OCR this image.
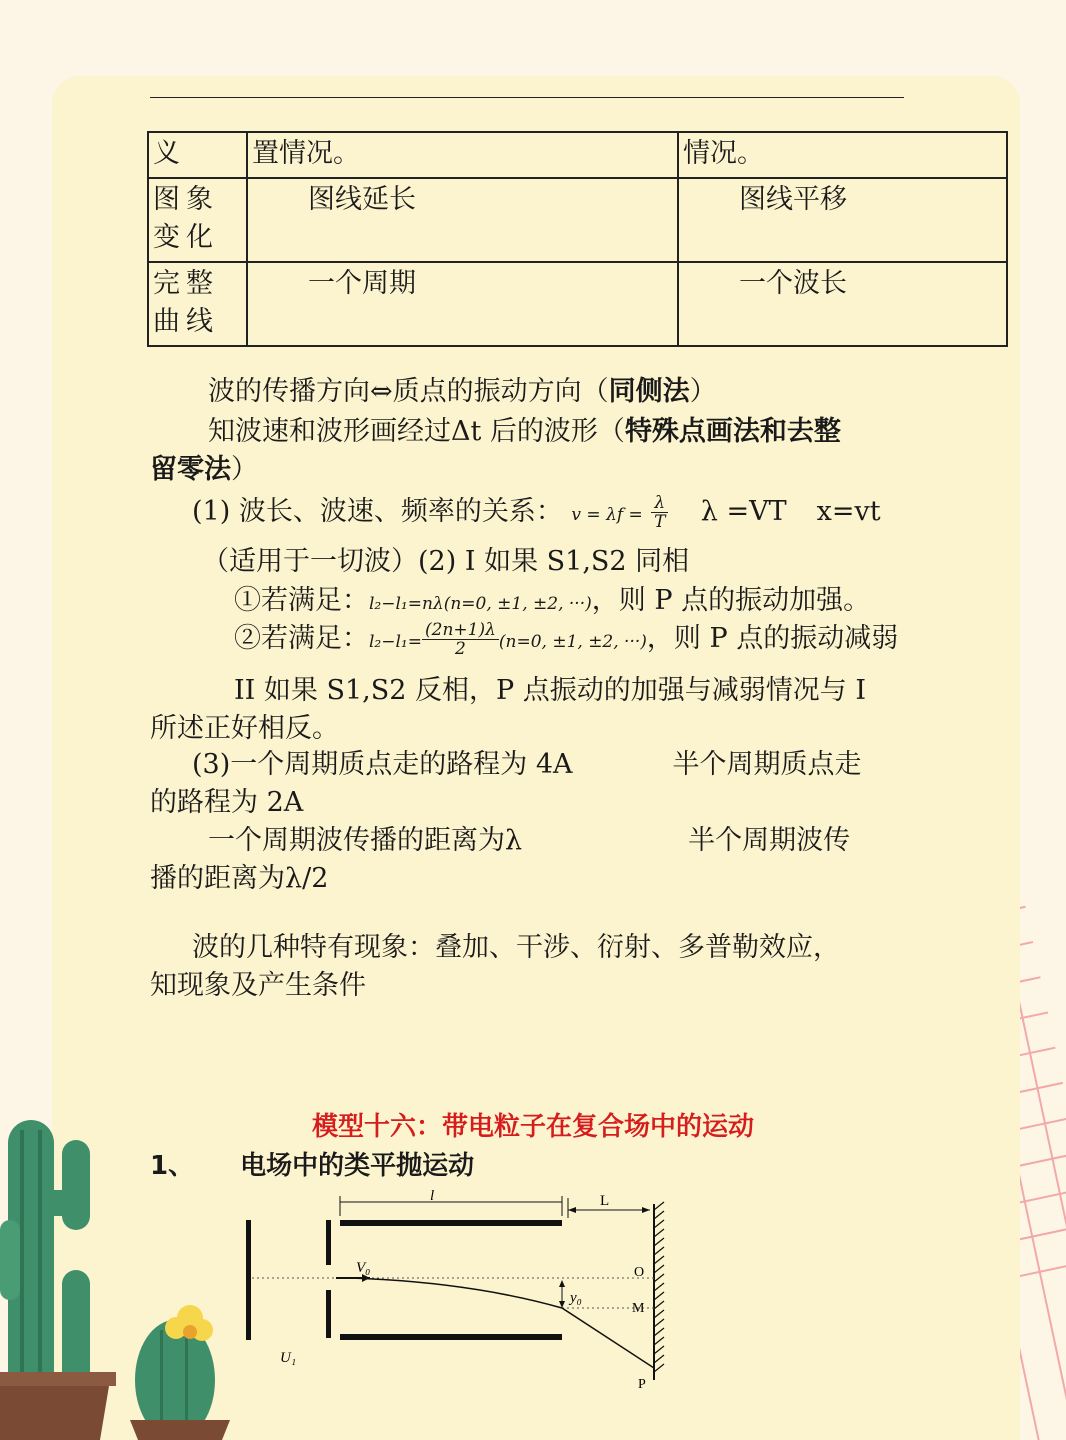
义	置情况。	情况。
图象变化	图线延长	图线平移
完整曲线	一个周期	一个波长
波的传播方向⇔质点的振动方向（同侧法）
知波速和波形画经过Δt 后的波形（特殊点画法和去整
留零法）
(1) 波长、波速、频率的关系： $v = \lambda f = \frac{\lambda}{T}$ λ =VT x=vt
（适用于一切波）(2) I 如果 S1,S2 同相
①若满足：l₂−l₁=nλ(n=0, ±1, ±2, ···)，则 P 点的振动加强。
②若满足：$l_2-l_1= \frac{(2n+1)\lambda}{2} (n=0$, ±1, ±2, ···)，则 P 点的振动减弱
II 如果 S1,S2 反相，P 点振动的加强与减弱情况与 I
所述正好相反。
(3)一个周期质点走的路程为 4A	半个周期质点走
的路程为 2A
一个周期波传播的距离为λ	半个周期波传
播的距离为λ/2
波的几种特有现象：叠加、干涉、衍射、多普勒效应，
知现象及产生条件
模型十六：带电粒子在复合场中的运动
1、 电场中的类平抛运动
l	L
V₀
y₀
O
M
P
U₁
